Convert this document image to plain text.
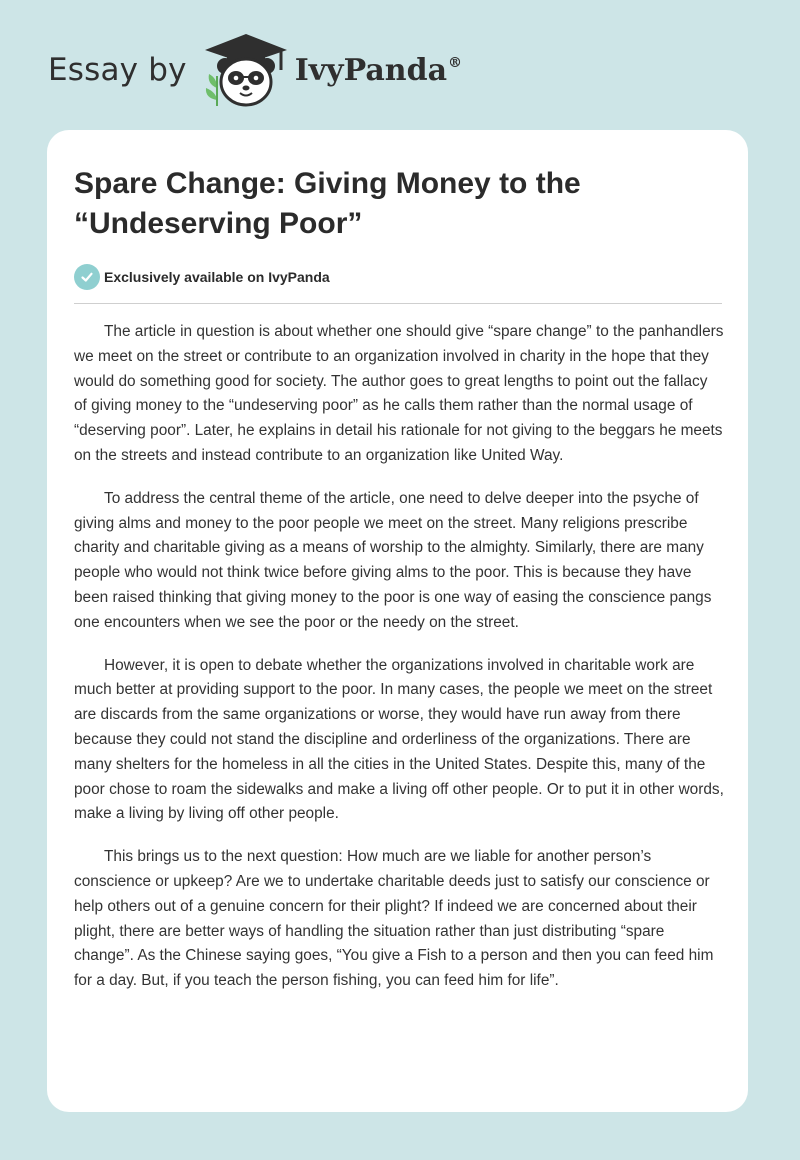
Essay by	IvyPanda®
Spare Change: Giving Money to the “Undeserving Poor”
Exclusively available on IvyPanda

The article in question is about whether one should give “spare change” to the panhandlers we meet on the street or contribute to an organization involved in charity in the hope that they would do something good for society. The author goes to great lengths to point out the fallacy of giving money to the “undeserving poor” as he calls them rather than the normal usage of “deserving poor”. Later, he explains in detail his rationale for not giving to the beggars he meets on the streets and instead contribute to an organization like United Way.

To address the central theme of the article, one need to delve deeper into the psyche of giving alms and money to the poor people we meet on the street. Many religions prescribe charity and charitable giving as a means of worship to the almighty. Similarly, there are many people who would not think twice before giving alms to the poor. This is because they have been raised thinking that giving money to the poor is one way of easing the conscience pangs one encounters when we see the poor or the needy on the street.

However, it is open to debate whether the organizations involved in charitable work are much better at providing support to the poor. In many cases, the people we meet on the street are discards from the same organizations or worse, they would have run away from there because they could not stand the discipline and orderliness of the organizations. There are many shelters for the homeless in all the cities in the United States. Despite this, many of the poor chose to roam the sidewalks and make a living off other people. Or to put it in other words, make a living by living off other people.

This brings us to the next question: How much are we liable for another person’s conscience or upkeep? Are we to undertake charitable deeds just to satisfy our conscience or help others out of a genuine concern for their plight? If indeed we are concerned about their plight, there are better ways of handling the situation rather than just distributing “spare change”. As the Chinese saying goes, “You give a Fish to a person and then you can feed him for a day. But, if you teach the person fishing, you can feed him for life”.
